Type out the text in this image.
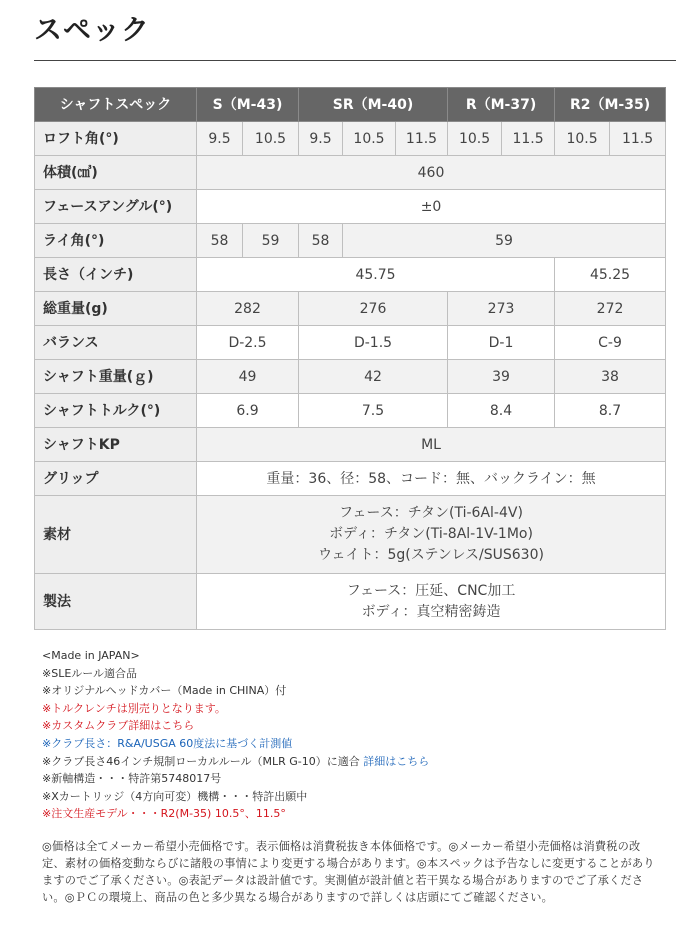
スペック
シャフトスペック	S（M-43)		SR（M-40)			R（M-37)		R2（M-35)	
ロフト角(°)	9.5	10.5	9.5	10.5	11.5	10.5	11.5	10.5	11.5
体積(㎤)	460								
フェースアングル(°)	±0								
ライ角(°)	58	59	58	59					
長さ（インチ)	45.75							45.25	
総重量(g)	282		276			273		272	
バランス	D-2.5		D-1.5			D-1		C-9	
シャフト重量(ｇ)	49		42			39		38	
シャフトトルク(°)	6.9		7.5			8.4		8.7	
シャフトKP	ML								
グリップ	重量：36、径：58、コード：無、バックライン：無								
素材	フェース：チタン(Ti-6Al-4V)
ボディ：チタン(Ti-8Al-1V-1Mo)
ウェイト：5g(ステンレス/SUS630)								

製法	フェース：圧延、CNC加工
ボディ：真空精密鋳造								
<Made in JAPAN>
※SLEルール適合品
※オリジナルヘッドカバー（Made in CHINA）付
※トルクレンチは別売りとなります。
※カスタムクラブ詳細はこちら
※クラブ長さ：R&A/USGA 60度法に基づく計測値
※クラブ長さ46インチ規制ローカルルール（MLR G-10）に適合 詳細はこちら
※新軸構造・・・特許第5748017号
※Xカートリッジ（4方向可変）機構・・・特許出願中
※注文生産モデル・・・R2(M-35) 10.5°、11.5°
◎価格は全てメーカー希望小売価格です。表示価格は消費税抜き本体価格です。◎メーカー希望小売価格は消費税の改
定、素材の価格変動ならびに諸般の事情により変更する場合があります。◎本スペックは予告なしに変更することがあり
ますのでご了承ください。◎表記データは設計値です。実測値が設計値と若干異なる場合がありますのでご了承くださ
い。◎ＰＣの環境上、商品の色と多少異なる場合がありますので詳しくは店頭にてご確認ください。
